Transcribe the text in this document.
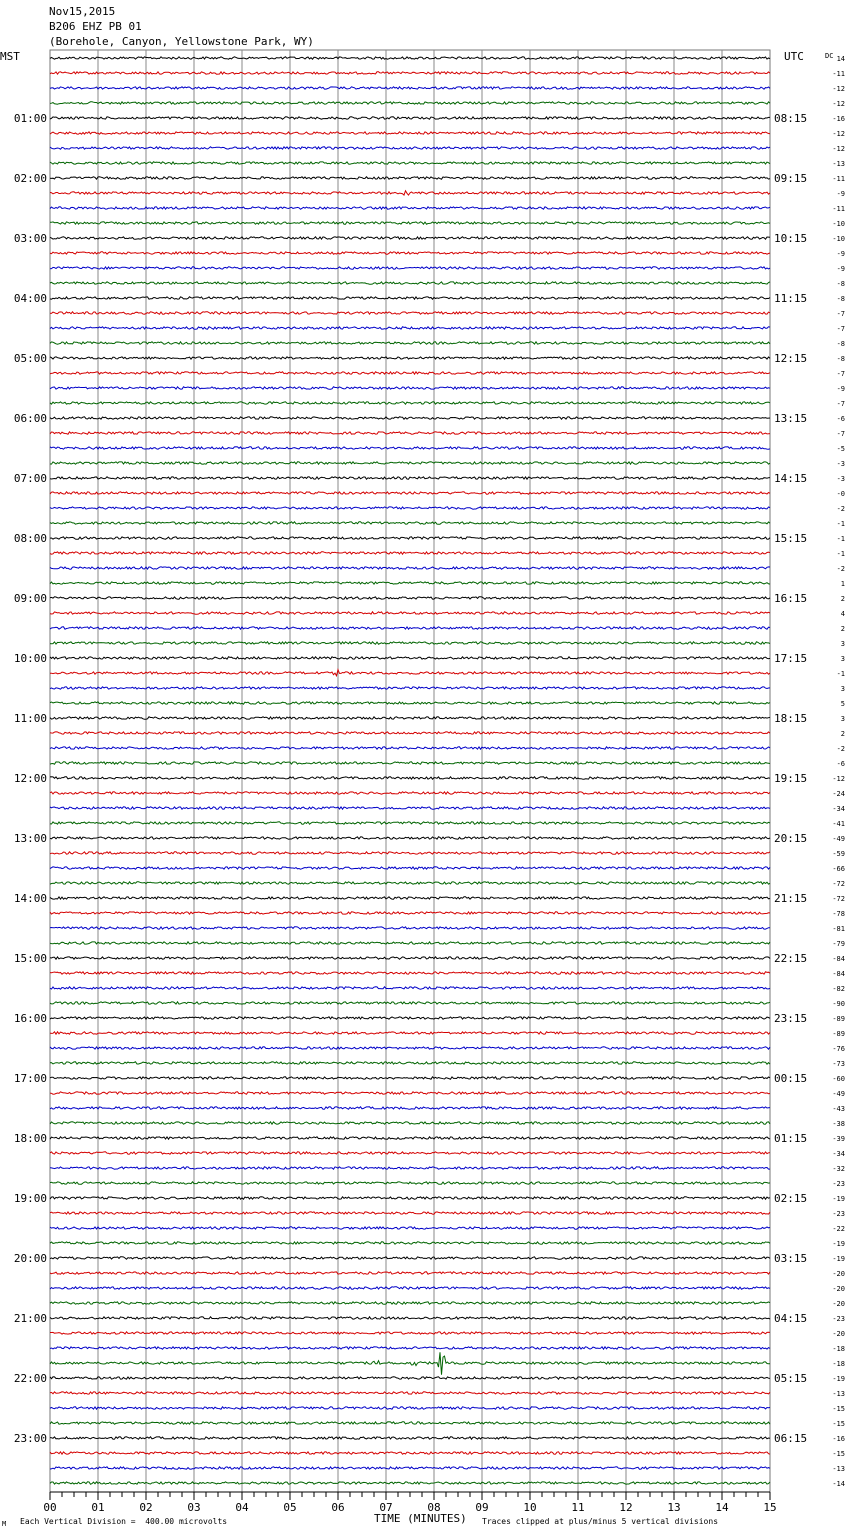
Nov15,2015
B206 EHZ PB 01
(Borehole, Canyon, Yellowstone Park, WY)
MST	UTC	DC 14
-11
-12
-12
-16
-12
-12
-13
-11
-9
-11
-10
-10
-9
-9
-8
-8
-7
-7
-8
-8
-7
-9
-7
-6
-7
-5
-3
-3
-0
-2
-1
-1
-1
-2
1
2
4
2
3
3
-1
3
5
3
2
-2
-6
-12
-24
-34
-41
-49
-59
-66
-72
-72
-78
-81
-79
-84
-84
-82
-90
-89
-89
-76
-73
-60
-49
-43
-38
-39
-34
-32
-23
-19
-23
-22
-19
-19
-20
-20
-20
-23
-20
-18
-18
-19
-13
-15
-15
-16
-15
-13
-14
01:00
02:00
03:00
04:00
05:00
06:00
07:00
08:00
09:00
10:00
11:00
12:00
13:00
14:00
15:00
16:00
17:00
18:00
19:00
20:00
21:00
22:00
23:00
08:15
09:15
10:15
11:15
12:15
13:15
14:15
15:15
16:15
17:15
18:15
19:15
20:15
21:15
22:15
23:15
00:15
01:15
02:15
03:15
04:15
05:15
06:15
00	01	02	03	04	05	06	07	08	09	10	11	12	13	14	15
M Each Vertical Division =  400.00 microvolts	TIME (MINUTES) Traces clipped at plus/minus 5 vertical divisions
